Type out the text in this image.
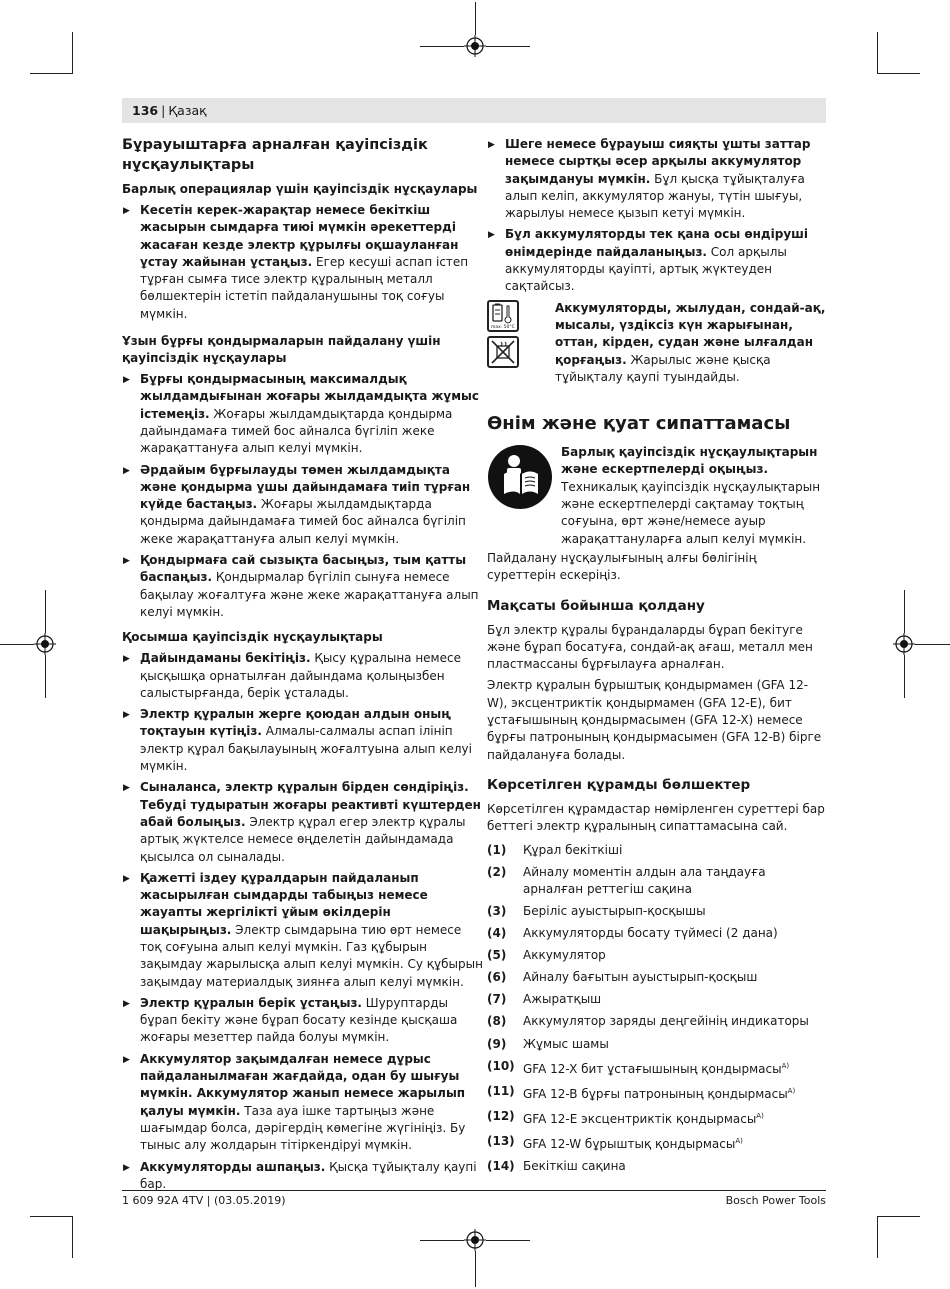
136 | Қазақ
Бұрауыштарға арналған қауіпсіздік нұсқаулықтары
Барлық операциялар үшін қауіпсіздік нұсқаулары
▶ Кесетін керек-жарақтар немесе бекіткіш жасырын сымдарға тиюі мүмкін әрекеттерді жасаған кезде электр құрылғы оқшауланған ұстау жайынан ұстаңыз. Егер кесуші аспап істеп тұрған сымға тисе электр құралының металл бөлшектерін істетіп пайдаланушыны тоқ соғуы мүмкін.
Ұзын бұрғы қондырмаларын пайдалану үшін қауіпсіздік нұсқаулары
▶ Бұрғы қондырмасының максималдық жылдамдығынан жоғары жылдамдықта жұмыс істемеңіз. Жоғары жылдамдықтарда қондырма дайындамаға тимей бос айналса бүгіліп жеке жарақаттануға алып келуі мүмкін.
▶ Әрдайым бұрғылауды төмен жылдамдықта және қондырма ұшы дайындамаға тиіп тұрған күйде бастаңыз. Жоғары жылдамдықтарда қондырма дайындамаға тимей бос айналса бүгіліп жеке жарақаттануға алып келуі мүмкін.
▶ Қондырмаға сай сызықта басыңыз, тым қатты баспаңыз. Қондырмалар бүгіліп сынуға немесе бақылау жоғалтуға және жеке жарақаттануға алып келуі мүмкін.
Қосымша қауіпсіздік нұсқаулықтары
▶ Дайындаманы бекітіңіз. Қысу құралына немесе қысқышқа орнатылған дайындама қолыңызбен салыстырғанда, берік ұсталады.
▶ Электр құралын жерге қоюдан алдын оның тоқтауын күтіңіз. Алмалы-салмалы аспап ілініп электр құрал бақылауының жоғалтуына алып келуі мүмкін.
▶ Сыналанса, электр құралын бірден сөндіріңіз. Тебуді тудыратын жоғары реактивті күштерден абай болыңыз. Электр құрал егер электр құралы артық жүктелсе немесе өңделетін дайындамада қысылса ол сыналады.
▶ Қажетті іздеу құралдарын пайдаланып жасырылған сымдарды табыңыз немесе жауапты жергілікті ұйым өкілдерін шақырыңыз. Электр сымдарына тию өрт немесе тоқ соғуына алып келуі мүмкін. Газ құбырын зақымдау жарылысқа алып келуі мүмкін. Су құбырын зақымдау материалдық зиянға алып келуі мүмкін.
▶ Электр құралын берік ұстаңыз. Шуруптарды бұрап бекіту және бұрап босату кезінде қысқаша жоғары мезеттер пайда болуы мүмкін.
▶ Аккумулятор зақымдалған немесе дұрыс пайдаланылмаған жағдайда, одан бу шығуы мүмкін. Аккумулятор жанып немесе жарылып қалуы мүмкін. Таза ауа ішке тартыңыз және шағымдар болса, дәрігердің көмегіне жүгініңіз. Бу тыныс алу жолдарын тітіркендіруі мүмкін.
▶ Аккумуляторды ашпаңыз. Қысқа тұйықталу қаупі бар.
▶ Шеге немесе бұрауыш сияқты ұшты заттар немесе сыртқы әсер арқылы аккумулятор зақымдануы мүмкін. Бұл қысқа тұйықталуға алып келіп, аккумулятор жануы, түтін шығуы, жарылуы немесе қызып кетуі мүмкін.
▶ Бұл аккумуляторды тек қана осы өндіруші өнімдерінде пайдаланыңыз. Сол арқылы аккумуляторды қауіпті, артық жүктеуден сақтайсыз.
max. 50°C
Аккумуляторды, жылудан, сондай-ақ, мысалы, үздіксіз күн жарығынан, оттан, кірден, судан және ылғалдан қорғаңыз. Жарылыс және қысқа тұйықталу қаупі туындайды.
Өнім және қуат сипаттамасы
Барлық қауіпсіздік нұсқаулықтарын және ескертпелерді оқыңыз. Техникалық қауіпсіздік нұсқаулықтарын және ескертпелерді сақтамау тоқтың соғуына, өрт және/немесе ауыр жарақаттануларға алып келуі мүмкін.
Пайдалану нұсқаулығының алғы бөлігінің суреттерін ескеріңіз.
Мақсаты бойынша қолдану
Бұл электр құралы бұрандаларды бұрап бекітуге және бұрап босатуға, сондай-ақ ағаш, металл мен пластмассаны бұрғылауға арналған.
Электр құралын бұрыштық қондырмамен (GFA 12-W), эксцентриктік қондырмамен (GFA 12-E), бит ұстағышының қондырмасымен (GFA 12-X) немесе бұрғы патронының қондырмасымен (GFA 12-B) бірге пайдалануға болады.
Көрсетілген құрамды бөлшектер
Көрсетілген құрамдастар нөмірленген суреттері бар беттегі электр құралының сипаттамасына сай.
(1)	Құрал бекіткіші
(2)	Айналу моментін алдын ала таңдауға арналған реттегіш сақина
(3)	Беріліс ауыстырып-қосқышы
(4)	Аккумуляторды босату түймесі (2 дана)
(5)	Аккумулятор
(6)	Айналу бағытын ауыстырып-қосқыш
(7)	Ажыратқыш
(8)	Аккумулятор заряды деңгейінің индикаторы
(9)	Жұмыс шамы
(10) GFA 12-X бит ұстағышының қондырмасы$^{A)}$
(11) GFA 12-B бұрғы патронының қондырмасы$^{A)}$
(12) GFA 12-E эксцентриктік қондырмасы$^{A)}$
(13) GFA 12-W бұрыштық қондырмасы$^{A)}$
(14) Бекіткіш сақина
1 609 92A 4TV | (03.05.2019)	Bosch Power Tools
